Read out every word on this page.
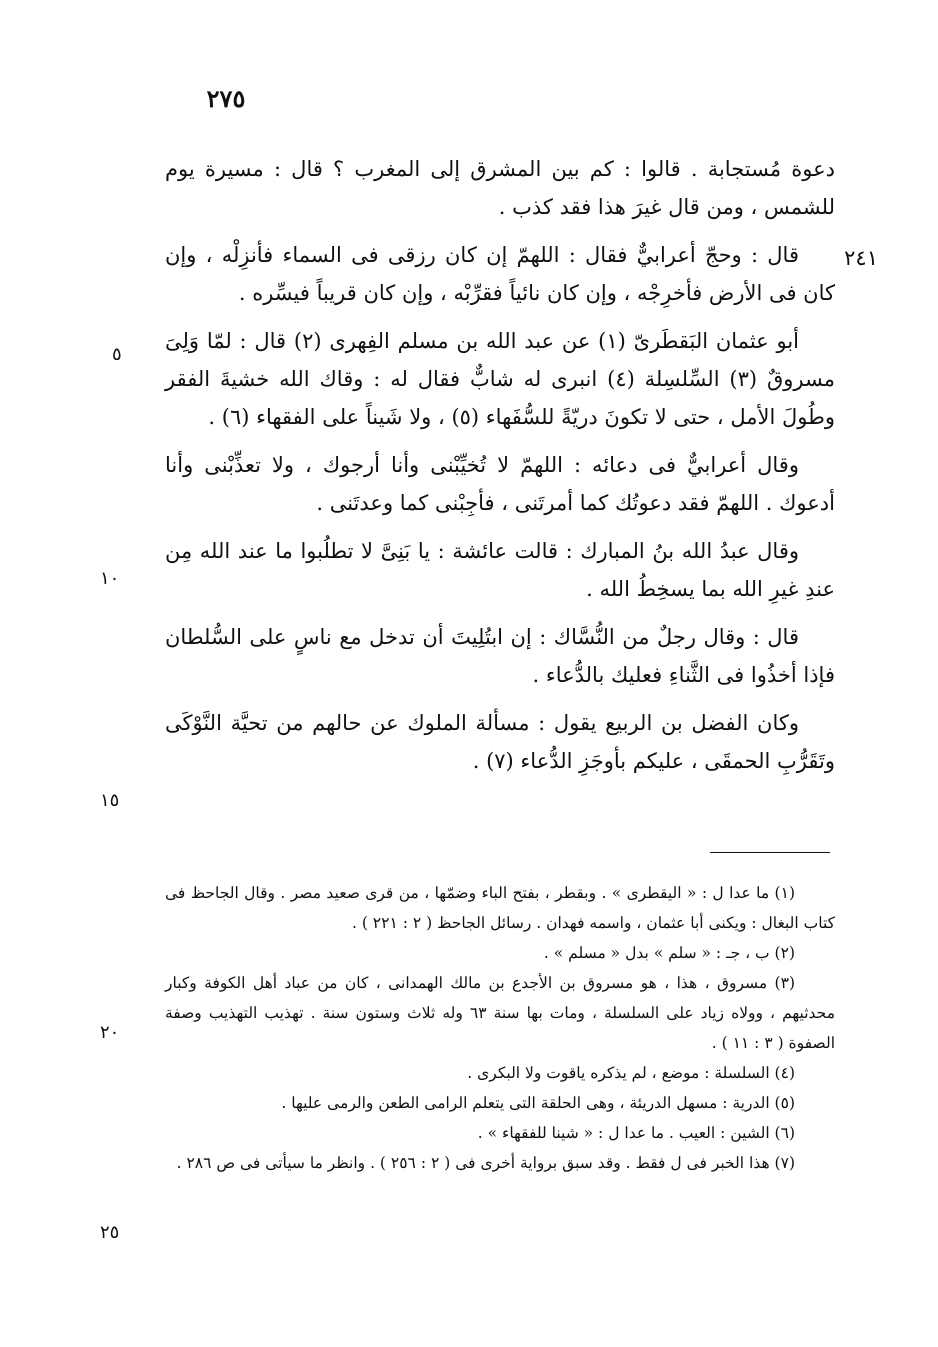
٢٧٥
٢٤١
٥
١٠
١٥
٢٠
٢٥

دعوة مُستجابة . قالوا : كم بين المشرق إلى المغرب ؟ قال : مسيرة يوم للشمس ، ومن قال غيرَ هذا فقد كذب .

قال : وحجّ أعرابيٌّ فقال : اللهمّ إن كان رزقى فى السماء فأنزِلْه ، وإن كان فى الأرض فأخرِجْه ، وإن كان نائياً فقرِّبْه ، وإن كان قريباً فيسِّره .

أبو عثمان البَقطَرىّ (١) عن عبد الله بن مسلم الفِهرى (٢) قال : لمّا وَلِىَ مسروقٌ (٣) السِّلسِلة (٤) انبرى له شابٌّ فقال له : وقاك الله خشيةَ الفقر وطُولَ الأمل ، حتى لا تكونَ دريّةً للسُّفَهاء (٥) ، ولا شَيناً على الفقهاء (٦) .

وقال أعرابيٌّ فى دعائه : اللهمّ لا تُخيِّبْنى وأنا أرجوك ، ولا تعذِّبْنى وأنا أدعوك . اللهمّ فقد دعوتُك كما أمرتَنى ، فأجِبْنى كما وعدتَنى .

وقال عبدُ الله بنُ المبارك : قالت عائشة : يا بَنِىَّ لا تطلُبوا ما عند الله مِن عندِ غيرِ الله بما يسخِطُ الله .

قال : وقال رجلٌ من النُّسَّاك : إن ابتُلِيتَ أن تدخل مع ناسٍ على السُّلطان فإذا أخذُوا فى الثَّناءِ فعليك بالدُّعاء .

وكان الفضل بن الربيع يقول : مسألة الملوك عن حالهم من تحيَّة النَّوْكَى وتَقَرُّبِ الحمقَى ، عليكم بأوجَزِ الدُّعاء (٧) .

(١) ما عدا ل : « اليقطرى » . وبقطر ، بفتح الباء وضمّها ، من قرى صعيد مصر . وقال الجاحظ فى كتاب البغال : ويكنى أبا عثمان ، واسمه فهدان . رسائل الجاحظ ( ٢ : ٢٢١ ) .

(٢) ب ، جـ : « سلم » بدل « مسلم » .

(٣) مسروق ، هذا ، هو مسروق بن الأجدع بن مالك الهمدانى ، كان من عباد أهل الكوفة وكبار محدثيهم ، وولاه زياد على السلسلة ، ومات بها سنة ٦٣ وله ثلاث وستون سنة . تهذيب التهذيب وصفة الصفوة ( ٣ : ١١ ) .

(٤) السلسلة : موضع ، لم يذكره ياقوت ولا البكرى .

(٥) الدرية : مسهل الدريئة ، وهى الحلقة التى يتعلم الرامى الطعن والرمى عليها .

(٦) الشين : العيب . ما عدا ل : « شينا للفقهاء » .

(٧) هذا الخبر فى ل فقط . وقد سبق برواية أخرى فى ( ٢ : ٢٥٦ ) . وانظر ما سيأتى فى ص ٢٨٦ .
